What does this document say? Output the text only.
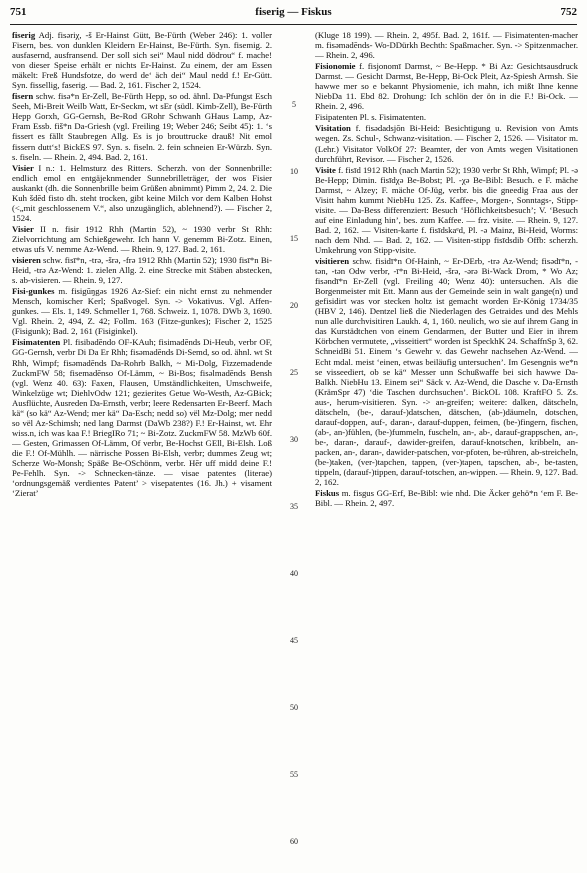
751	fiserig — Fiskus	752

fiserig Adj. fisəriχ, -š Er-Hainst Gütt, Be-Fürth (Weber 246): 1. voller Fisern, bes. von dunklen Kleidern Er-Hainst, Be-Fürth. Syn. fisemig. 2. ausfasernd, ausfransend. Der soll sich sei“ Maul nidd dödrou“ f. mache! von dieser Speise erhält er nichts Er-Hainst. Zu einem, der am Essen mäkelt: Freß Hundsfotze, do werd de‘ äch dei“ Maul nedd f.! Er-Gütt. Syn. fissellig, faserig. — Bad. 2, 161. Fischer 2, 1524.

fisern schw. fisə*n Er-Zell, Be-Fürth Hepp, so od. ähnl. Da-Pfungst Esch Seeh, Mi-Breit Weilb Watt, Er-Seckm, wt sEr (südl. Kimb-Zell), Be-Fürth Hepp Gorxh, GG-Gernsh, Be-Rod GRohr Schwanh GHaus Lamp, Az-Fram Essb. fiš*n Da-Griesh (vgl. Freiling 19; Weber 246; Seibt 45): 1. ‘s fissert es fällt Staubregen Allg. Es is jo brouttrucke drauß! Nit emol fissern dutt‘s! BickES 97. Syn. s. fiseln. 2. fein schneien Er-Würzb. Syn. s. fiseln. — Rhein. 2, 494. Bad. 2, 161.

Visier I n.: 1. Helmsturz des Ritters. Scherzh. von der Sonnenbrille: endlich emol en entgäjeknmender Sunnebrilleträger, der wos Fisier auskankt (dh. die Sonnenbrille beim Grüßen abnimmt) Pimm 2, 24. 2. Die Kuh šdēd fisto dh. steht trocken, gibt keine Milch vor dem Kalben Hohst (<„mit geschlossenem V.“, also unzugänglich, ablehnend?). — Fischer 2, 1524.

Visier II n. fisir 1912 Rhh (Martin 52), ~ 1930 verbr St Rhh: Zielvorrichtung am Schießgewehr. Ich hann V. genemm Bi-Zotz. Einen, etwas ufs V. nemme Az-Wend. — Rhein. 9, 127. Bad. 2, 161.

visieren schw. fisī*n, -trə, -šrə, -frə 1912 Rhh (Martin 52); 1930 fisī*n Bi-Heid, -trə Az-Wend: 1. zielen Allg. 2. eine Strecke mit Stäben abstecken, s. ab-visieren. — Rhein. 9, 127.

Fisi-gunkes m. fisigūŋgəs 1926 Az-Sief: ein nicht ernst zu nehmender Mensch, komischer Kerl; Spaßvogel. Syn. -> Vokativus. Vgl. Affen-gunkes. — Els. 1, 149. Schmeller 1, 768. Schweiz. 1, 1078. DWb 3, 1690. Vgl. Rhein. 2, 494, Z. 42; Follm. 163 (Fitze-gunkes); Fischer 2, 1525 (Fisigunk); Bad. 2, 161 (Fisiginkel).

Fisimatenten Pl. fisibadēndo OF-KAuh; fisimadēnds Di-Heub, verbr OF, GG-Gernsh, verbr Di Da Er Rhh; fisəmadēnds Di-Semd, so od. ähnl. wt St Rhh, Wimpf; fisəmadēnds Da-Rohrb Balkh, ~ Mi-Dolg, Fizzemadende ZuckmFW 58; fisemadēnso Of-Lämm, ~ Bi-Bos; fisəlmadēnds Bensh (vgl. Wenz 40. 63): Faxen, Flausen, Umständlichkeiten, Umschweife, Winkelzüge wt; DiehlvOdw 121; gezierites Getue Wo-Westh, Az-GBick; Ausflüchte, Ausreden Da-Ernsth, verbr; leere Redensarten Er-Beerf. Mach kä“ (so kä“ Az-Wend; mer kä“ Da-Esch; nedd so) vël Mz-Dolg; mer nedd so vël Az-Schimsh; ned lang Darmst (DaWb 238?) F.! Er-Hainst, wt. Ehr wiss.n, ich was kaa F.! BriegIRo 71; ~ Bi-Zotz. ZuckmFW 58. MzWb 60f. — Gesten, Grimassen Of-Lämm, Of verbr, Be-Hochst GEll, Bi-Elsh. Loß die F.! Of-Mühlh. — närrische Possen Bi-Elsh, verbr; dummes Zeug wt; Scherze Wo-Monsh; Späße Be-OSchönm, verbr. Hēr uff midd deine F.! Pe-Fehlh. Syn. -> Schnecken-tänze. — visae patentes (literae) ‘ordnungsgemäß verdientes Patent’ > visepatentes (16. Jh.) + visament ‘Zierat’

5
10
15
20
25
30
35
40
45
50
55
60

(Kluge 18 199). — Rhein. 2, 495f. Bad. 2, 161f. — Fisimatenten-macher m. fisəmadēnds- Wo-DDürkh Bechth: Spaßmacher. Syn. -> Spitzenmacher. — Rhein. 2, 496.

Fisionomie f. fisjonomī Darmst, ~ Be-Hepp. * Bi Az: Gesichtsausdruck Darmst. — Gesicht Darmst, Be-Hepp, Bi-Ock Pleit, Az-Spiesh Armsh. Sie hawwe mer so e bekannt Physiomenie, ich mahn, ich mißt Ihne kenne NiebDa 11. Ebd 82. Drohung: Ich schlön der ön in die F.! Bi-Ock. — Rhein. 2, 496.

Fisipatenten Pl. s. Fisimatenten.

Visitation f. fisədadsjōn Bi-Heid: Besichtigung u. Revision von Amts wegen. Zs. Schul-, Schwanz-visitation. — Fischer 2, 1526. — Visitator m. (Lehr.) Visitator VolkOf 27: Beamter, der von Amts wegen Visitationen durchführt, Revisor. — Fischer 2, 1526.

Visite f. fisīd 1912 Rhh (nach Martin 52); 1930 verbr St Rhh, Wimpf; Pl. -ə Be-Hepp; Dimin. fisīdχə Be-Bobst; Pl. -χə Be-Bibl: Besuch. e F. mäche Darmst, ~ Alzey; F. mäche Of-Jüg, verbr. bis die gneedig Fraa aus der Visitt hahm kummt NiebHu 125. Zs. Kaffee-, Morgen-, Sonntags-, Stipp-visite. — Da-Bess differenziert: Besuch ‘Höflichkeitsbesuch’; V. ‘Besuch auf eine Einladung hin’, bes. zum Kaffee. — frz. visite. — Rhein. 9, 127. Bad. 2, 162. — Visiten-karte f. fisīdskaᵉd, Pl. -ə Mainz, Bi-Heid, Worms: nach dem Nhd. — Bad. 2, 162. — Visiten-stipp fisīdsdib Offb: scherzh. Umkehrung von Stipp-visite.

visitieren schw. fisidī*n Of-Hainh, ~ Er-DErb, -trə Az-Wend; fisədī*n, -tən, -tən Odw verbr, -ī*n Bi-Heid, -šrə, -ərə Bi-Wack Drom, * Wo Az; fisəndī*n Er-Zell (vgl. Freiling 40; Wenz 40): untersuchen. Als die Borgenmeister mit Ett. Mann aus der Gemeinde sein in walt gange(n) und gefisidirt was vor stecken holtz ist gemacht worden Er-König 1734/35 (HBV 2, 146). Dentzel ließ die Niederlagen des Getraides und des Mehls nun alle durchvisitiren Laukh. 4, 1, 160. neulich, wo sie auf ihrem Gang in das Kurstädtchen von einem Gendarmen, der Butter und Eier in ihrem Körbchen vermutete, „visseitiert“ worden ist SpeckhK 24. SchaffnSp 3, 62. SchneidBi 51. Einem ‘s Gewehr v. das Gewehr nachsehen Az-Wend. — Echt mdal. meist ‘einen, etwas beiläufig untersuchen’. Im Gesengnis we*n se visseediert, ob se kä“ Messer unn Schußwaffe bei sich hawwe Da-Balkh. NiebHu 13. Einem sei“ Säck v. Az-Wend, die Dasche v. Da-Ernsth (KrämSpr 47) ‘die Taschen durchsuchen’. BickOL 108. KraftFO 5. Zs. aus-, herum-visitieren. Syn. -> an-greifen; weitere: dalken, dätscheln, dätscheln, (be-, darauf-)datschen, dätschen, (ab-)däumeln, dotschen, darauf-doppen, auf-, daran-, darauf-duppen, feimen, (be-)fingern, fischen, (ab-, an-)fühlen, (be-)fummeln, fuscheln, an-, ab-, darauf-grappschen, an-, be-, daran-, darauf-, dawider-greifen, darauf-knotschen, kribbeln, an-packen, an-, daran-, dawider-patschen, vor-pfoten, be-rühren, ab-streicheln, (be-)taken, (ver-)tapchen, tappen, (ver-)tapen, tapschen, ab-, be-tasten, tippeln, (darauf-)tippen, darauf-totschen, an-wippen. — Rhein. 9, 127. Bad. 2, 162.

Fiskus m. fisgus GG-Erf, Be-Bibl: wie nhd. Die Äcker gehö*n ‘em F. Be-Bibl. — Rhein. 2, 497.
